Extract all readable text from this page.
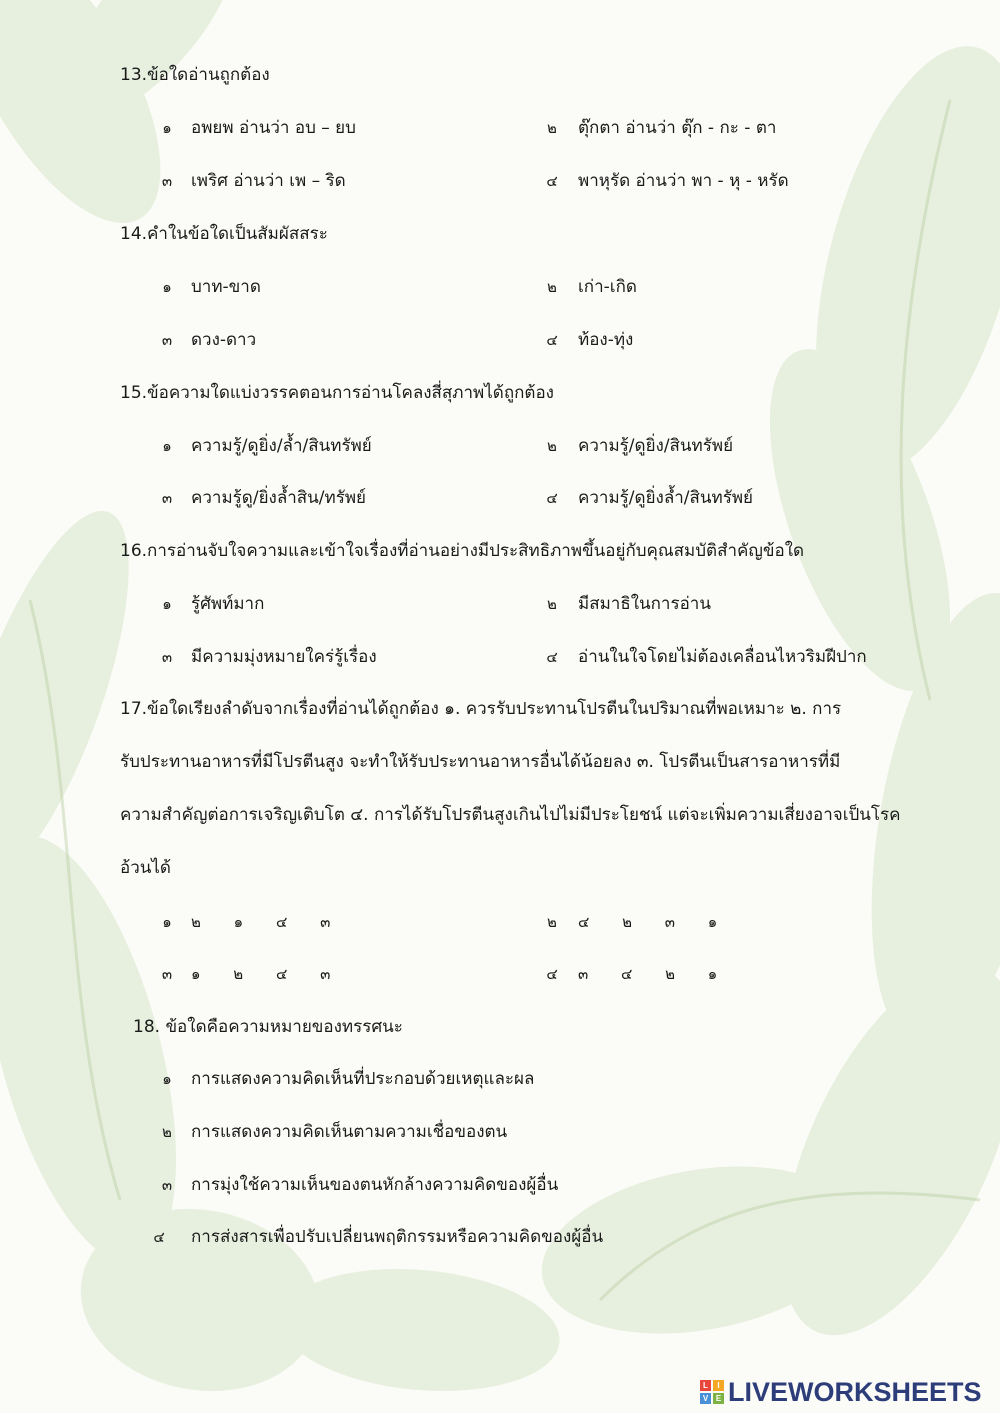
13.ข้อใดอ่านถูกต้อง
๑	อพยพ อ่านว่า อบ – ยบ	๒	ตุ๊กตา อ่านว่า ตุ๊ก - กะ - ตา
๓	เพริศ อ่านว่า เพ – ริด	๔	พาหุรัด อ่านว่า พา - หุ - หรัด
14.คำในข้อใดเป็นสัมผัสสระ
๑	บาท-ขาด	๒	เก่า-เกิด
๓	ดวง-ดาว	๔	ท้อง-ทุ่ง
15.ข้อความใดแบ่งวรรคตอนการอ่านโคลงสี่สุภาพได้ถูกต้อง
๑	ความรู้/ดูยิ่ง/ล้ำ/สินทรัพย์	๒	ความรู้/ดูยิ่ง/สินทรัพย์
๓	ความรู้ดู/ยิ่งล้ำสิน/ทรัพย์	๔	ความรู้/ดูยิ่งล้ำ/สินทรัพย์
16.การอ่านจับใจความและเข้าใจเรื่องที่อ่านอย่างมีประสิทธิภาพขึ้นอยู่กับคุณสมบัติสำคัญข้อใด
๑	รู้ศัพท์มาก	๒	มีสมาธิในการอ่าน
๓	มีความมุ่งหมายใคร่รู้เรื่อง	๔	อ่านในใจโดยไม่ต้องเคลื่อนไหวริมฝีปาก
17.ข้อใดเรียงลำดับจากเรื่องที่อ่านได้ถูกต้อง ๑. ควรรับประทานโปรตีนในปริมาณที่พอเหมาะ ๒. การ
รับประทานอาหารที่มีโปรตีนสูง จะทำให้รับประทานอาหารอื่นได้น้อยลง ๓. โปรตีนเป็นสารอาหารที่มี
ความสำคัญต่อการเจริญเติบโต ๔. การได้รับโปรตีนสูงเกินไปไม่มีประโยชน์ แต่จะเพิ่มความเสี่ยงอาจเป็นโรค
อ้วนได้
๑	๒ ๑ ๔ ๓	๒	๔ ๒ ๓ ๑
๓	๑ ๒ ๔ ๓	๔	๓ ๔ ๒ ๑
18. ข้อใดคือความหมายของทรรศนะ
๑	การแสดงความคิดเห็นที่ประกอบด้วยเหตุและผล
๒	การแสดงความคิดเห็นตามความเชื่อของตน
๓	การมุ่งใช้ความเห็นของตนหักล้างความคิดของผู้อื่น
๔	การส่งสารเพื่อปรับเปลี่ยนพฤติกรรมหรือความคิดของผู้อื่น
L	I
V E LIVEWORKSHEETS
